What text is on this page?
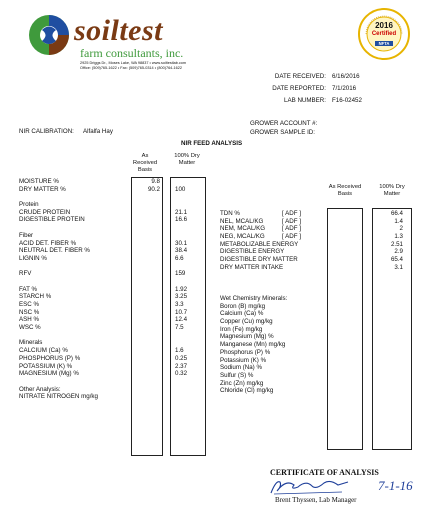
soiltest
farm consultants, inc.
2925 Driggs Dr., Moses Lake, WA 98837 • www.soiltestlab.com
Office: (509)765-1622 • Fax: (509)765-0314 • (800)764-1622
2016
Certified
NFTA
DATE RECEIVED: 6/16/2016
DATE REPORTED: 7/1/2016
LAB NUMBER: F16-02452
GROWER ACCOUNT #:
GROWER SAMPLE ID:
NIR CALIBRATION: Alfalfa Hay
NIR FEED ANALYSIS
As Received Basis
100% Dry Matter
MOISTURE %
DRY MATTER %
Protein
CRUDE PROTEIN
DIGESTIBLE PROTEIN
Fiber
ACID DET. FIBER %
NEUTRAL DET. FIBER %
LIGNIN %
RFV
FAT %
STARCH %
ESC %
NSC %
ASH %
WSC %
Minerals
CALCIUM (Ca) %
PHOSPHORUS (P) %
POTASSIUM (K) %
MAGNESIUM (Mg) %
Other Analysis:
NITRATE NITROGEN mg/kg
9.8
90.2 100
21.1
16.6
30.1
38.4
6.6
159
1.92
3.25
3.3
10.7
12.4
7.5
1.6
0.25
2.37
0.32
As Received Basis
100% Dry Matter
TDN %
NEL, MCAL/KG
NEM, MCAL/KG
NEG, MCAL/KG
METABOLIZABLE ENERGY
DIGESTIBLE ENERGY
DIGESTIBLE DRY MATTER
DRY MATTER INTAKE
[ ADF ]
[ ADF ]
[ ADF ]
[ ADF ]
66.4
1.4
2
1.3
2.51
2.9
65.4
3.1
Wet Chemistry Minerals:
Boron (B) mg/kg
Calcium (Ca) %
Copper (Cu) mg/kg
Iron (Fe) mg/kg
Magnesium (Mg) %
Manganese (Mn) mg/kg
Phosphorus (P) %
Potassium (K) %
Sodium (Na) %
Sulfur (S) %
Zinc (Zn) mg/kg
Chloride (Cl) mg/kg
CERTIFICATE OF ANALYSIS
7-1-16
Brent Thyssen, Lab Manager
